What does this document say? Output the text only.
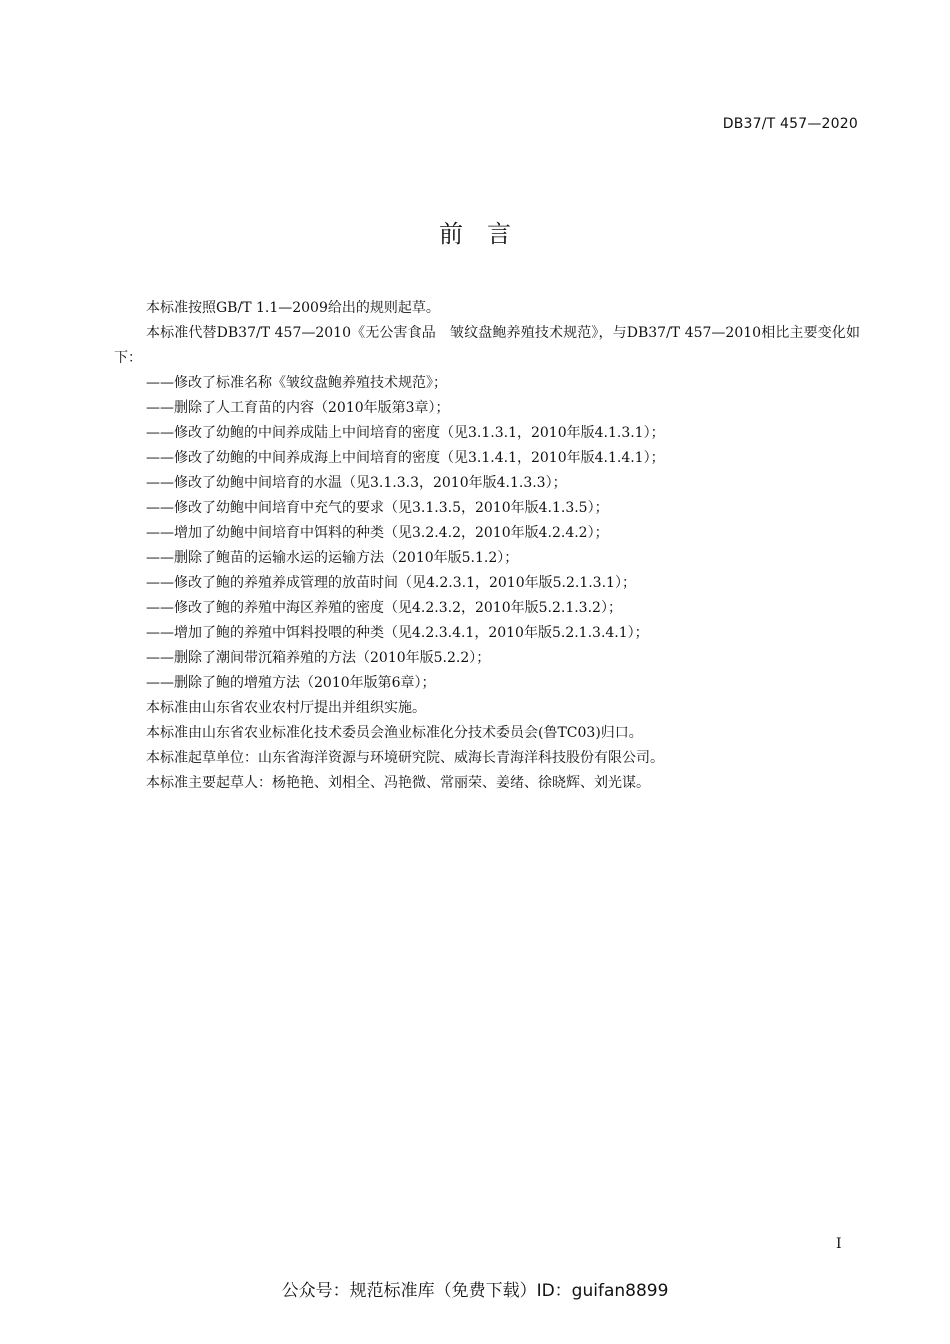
DB37/T 457—2020
前言

本标准按照GB/T 1.1—2009给出的规则起草。

本标准代替DB37/T 457—2010《无公害食品　皱纹盘鲍养殖技术规范》，与DB37/T 457—2010相比主要变化如下：

——修改了标准名称《皱纹盘鲍养殖技术规范》；

——删除了人工育苗的内容（2010年版第3章）；

——修改了幼鲍的中间养成陆上中间培育的密度（见3.1.3.1，2010年版4.1.3.1）；

——修改了幼鲍的中间养成海上中间培育的密度（见3.1.4.1，2010年版4.1.4.1）；

——修改了幼鲍中间培育的水温（见3.1.3.3，2010年版4.1.3.3）；

——修改了幼鲍中间培育中充气的要求（见3.1.3.5，2010年版4.1.3.5）；

——增加了幼鲍中间培育中饵料的种类（见3.2.4.2，2010年版4.2.4.2）；

——删除了鲍苗的运输水运的运输方法（2010年版5.1.2）；

——修改了鲍的养殖养成管理的放苗时间（见4.2.3.1，2010年版5.2.1.3.1）；

——修改了鲍的养殖中海区养殖的密度（见4.2.3.2，2010年版5.2.1.3.2）；

——增加了鲍的养殖中饵料投喂的种类（见4.2.3.4.1，2010年版5.2.1.3.4.1）；

——删除了潮间带沉箱养殖的方法（2010年版5.2.2）；

——删除了鲍的增殖方法（2010年版第6章）；

本标准由山东省农业农村厅提出并组织实施。

本标准由山东省农业标准化技术委员会渔业标准化分技术委员会(鲁TC03)归口。

本标准起草单位：山东省海洋资源与环境研究院、威海长青海洋科技股份有限公司。

本标准主要起草人：杨艳艳、刘相全、冯艳微、常丽荣、姜绪、徐晓辉、刘光谋。

I
公众号：规范标准库（免费下载）ID：guifan8899
